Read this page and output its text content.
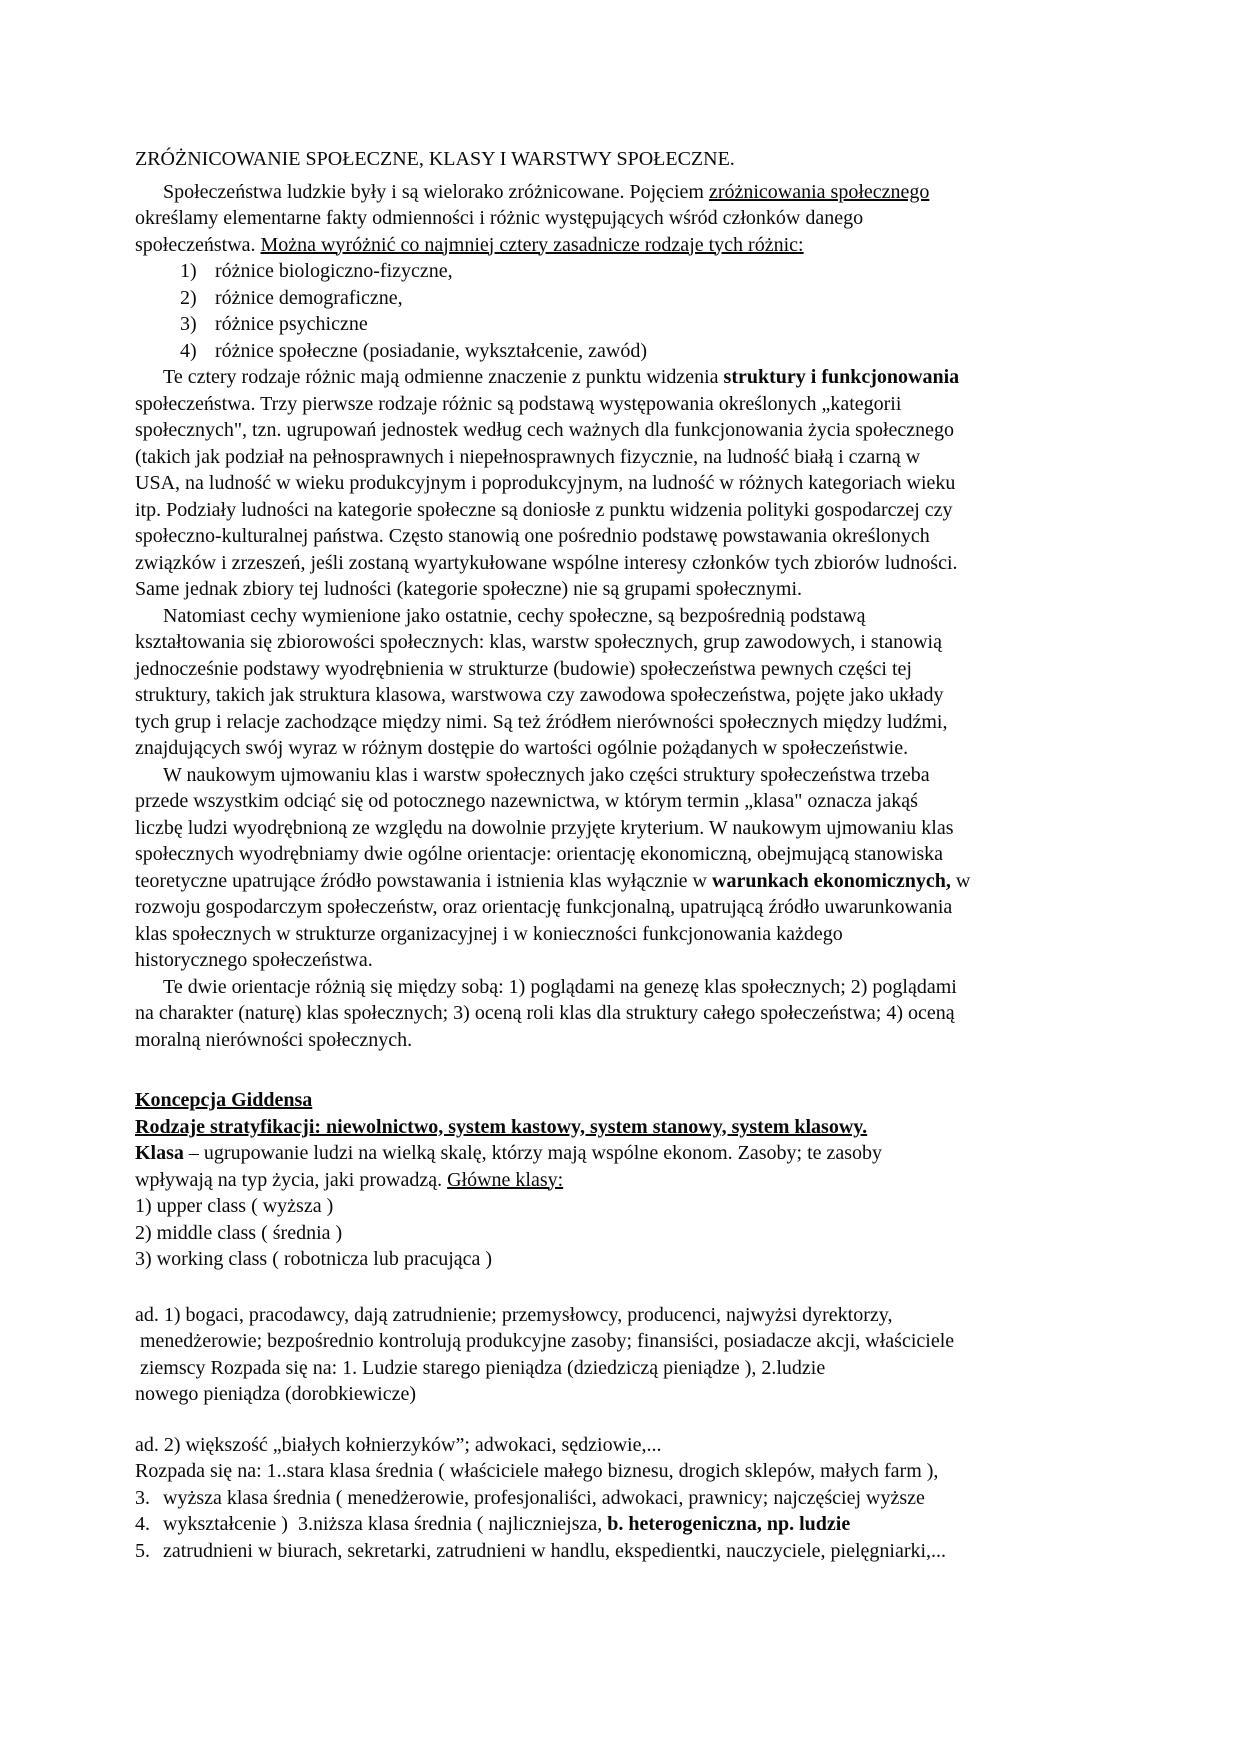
ZRÓŻNICOWANIE SPOŁECZNE, KLASY I WARSTWY SPOŁECZNE.
Społeczeństwa ludzkie były i są wielorako zróżnicowane. Pojęciem zróżnicowania społecznego
określamy elementarne fakty odmienności i różnic występujących wśród członków danego
społeczeństwa. Można wyróżnić co najmniej cztery zasadnicze rodzaje tych różnic:
1) różnice biologiczno-fizyczne,
2) różnice demograficzne,
3) różnice psychiczne
4) różnice społeczne (posiadanie, wykształcenie, zawód)
Te cztery rodzaje różnic mają odmienne znaczenie z punktu widzenia struktury i funkcjonowania
społeczeństwa. Trzy pierwsze rodzaje różnic są podstawą występowania określonych „kategorii
społecznych", tzn. ugrupowań jednostek według cech ważnych dla funkcjonowania życia społecznego
(takich jak podział na pełnosprawnych i niepełnosprawnych fizycznie, na ludność białą i czarną w
USA, na ludność w wieku produkcyjnym i poprodukcyjnym, na ludność w różnych kategoriach wieku
itp. Podziały ludności na kategorie społeczne są doniosłe z punktu widzenia polityki gospodarczej czy
społeczno-kulturalnej państwa. Często stanowią one pośrednio podstawę powstawania określonych
związków i zrzeszeń, jeśli zostaną wyartykułowane wspólne interesy członków tych zbiorów ludności.
Same jednak zbiory tej ludności (kategorie społeczne) nie są grupami społecznymi.
Natomiast cechy wymienione jako ostatnie, cechy społeczne, są bezpośrednią podstawą
kształtowania się zbiorowości społecznych: klas, warstw społecznych, grup zawodowych, i stanowią
jednocześnie podstawy wyodrębnienia w strukturze (budowie) społeczeństwa pewnych części tej
struktury, takich jak struktura klasowa, warstwowa czy zawodowa społeczeństwa, pojęte jako układy
tych grup i relacje zachodzące między nimi. Są też źródłem nierówności społecznych między ludźmi,
znajdujących swój wyraz w różnym dostępie do wartości ogólnie pożądanych w społeczeństwie.
W naukowym ujmowaniu klas i warstw społecznych jako części struktury społeczeństwa trzeba
przede wszystkim odciąć się od potocznego nazewnictwa, w którym termin „klasa" oznacza jakąś
liczbę ludzi wyodrębnioną ze względu na dowolnie przyjęte kryterium. W naukowym ujmowaniu klas
społecznych wyodrębniamy dwie ogólne orientacje: orientację ekonomiczną, obejmującą stanowiska
teoretyczne upatrujące źródło powstawania i istnienia klas wyłącznie w warunkach ekonomicznych, w
rozwoju gospodarczym społeczeństw, oraz orientację funkcjonalną, upatrującą źródło uwarunkowania
klas społecznych w strukturze organizacyjnej i w konieczności funkcjonowania każdego
historycznego społeczeństwa.
Te dwie orientacje różnią się między sobą: 1) poglądami na genezę klas społecznych; 2) poglądami
na charakter (naturę) klas społecznych; 3) oceną roli klas dla struktury całego społeczeństwa; 4) oceną
moralną nierówności społecznych.
Koncepcja Giddensa
Rodzaje stratyfikacji: niewolnictwo, system kastowy, system stanowy, system klasowy.
Klasa – ugrupowanie ludzi na wielką skalę, którzy mają wspólne ekonom. Zasoby; te zasoby
wpływają na typ życia, jaki prowadzą. Główne klasy:
1) upper class ( wyższa )
2) middle class ( średnia )
3) working class ( robotnicza lub pracująca )
ad. 1) bogaci, pracodawcy, dają zatrudnienie; przemysłowcy, producenci, najwyżsi dyrektorzy,
menedżerowie; bezpośrednio kontrolują produkcyjne zasoby; finansiści, posiadacze akcji, właściciele
ziemscy Rozpada się na: 1. Ludzie starego pieniądza (dziedziczą pieniądze ), 2.ludzie
nowego pieniądza (dorobkiewicze)
ad. 2) większość „białych kołnierzyków”; adwokaci, sędziowie,...
Rozpada się na: 1..stara klasa średnia ( właściciele małego biznesu, drogich sklepów, małych farm ),
3. wyższa klasa średnia ( menedżerowie, profesjonaliści, adwokaci, prawnicy; najczęściej wyższe
4. wykształcenie )  3.niższa klasa średnia ( najliczniejsza, b. heterogeniczna, np. ludzie
5. zatrudnieni w biurach, sekretarki, zatrudnieni w handlu, ekspedientki, nauczyciele, pielęgniarki,...
